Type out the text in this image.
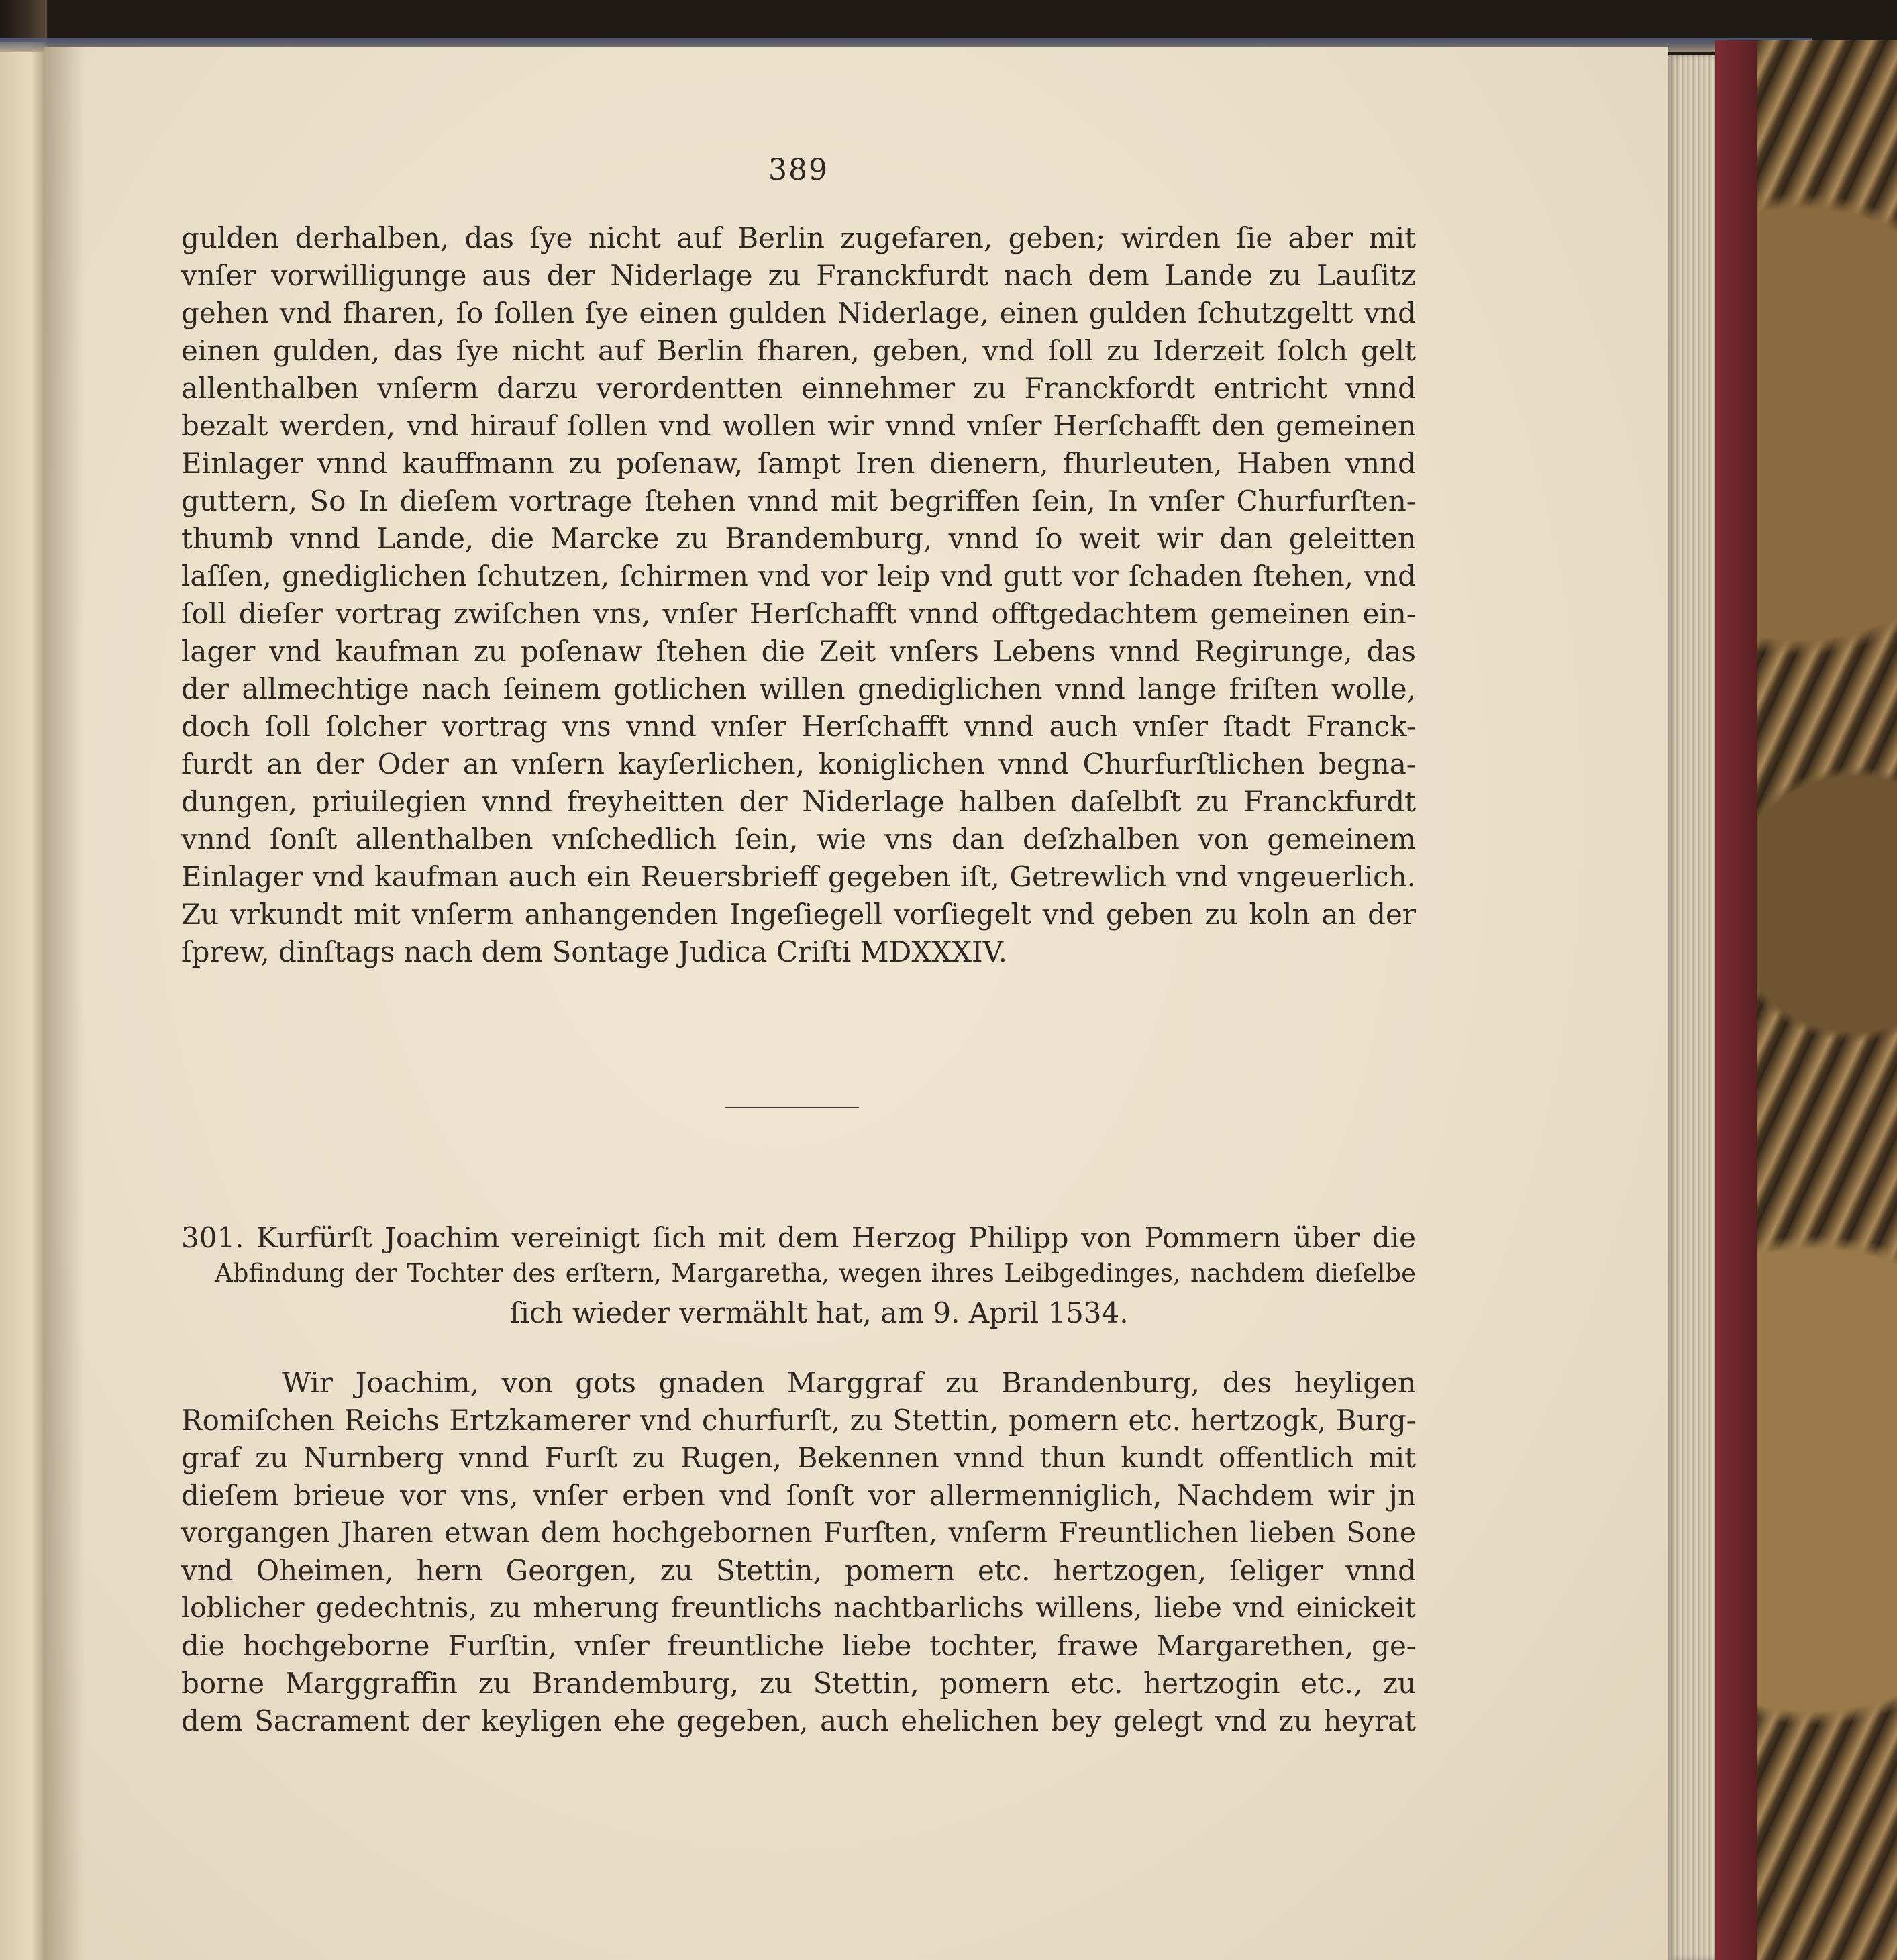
389
gulden derhalben, das ſye nicht auf Berlin zugefaren, geben; wirden ſie aber mit
vnſer vorwilligunge aus der Niderlage zu Franckfurdt nach dem Lande zu Lauſitz
gehen vnd fharen, ſo ſollen ſye einen gulden Niderlage, einen gulden ſchutzgeltt vnd
einen gulden, das ſye nicht auf Berlin fharen, geben, vnd ſoll zu Iderzeit ſolch gelt
allenthalben vnſerm darzu verordentten einnehmer zu Franckfordt entricht vnnd
bezalt werden, vnd hirauf ſollen vnd wollen wir vnnd vnſer Herſchafft den gemeinen
Einlager vnnd kauffmann zu poſenaw, ſampt Iren dienern, fhurleuten, Haben vnnd
guttern, So In dieſem vortrage ſtehen vnnd mit begriffen ſein, In vnſer Churfurſten-
thumb vnnd Lande, die Marcke zu Brandemburg, vnnd ſo weit wir dan geleitten
laſſen, gnediglichen ſchutzen, ſchirmen vnd vor leip vnd gutt vor ſchaden ſtehen, vnd
ſoll dieſer vortrag zwiſchen vns, vnſer Herſchafft vnnd offtgedachtem gemeinen ein-
lager vnd kaufman zu poſenaw ſtehen die Zeit vnſers Lebens vnnd Regirunge, das
der allmechtige nach ſeinem gotlichen willen gnediglichen vnnd lange friſten wolle,
doch ſoll ſolcher vortrag vns vnnd vnſer Herſchafft vnnd auch vnſer ſtadt Franck-
furdt an der Oder an vnſern kayſerlichen, koniglichen vnnd Churfurſtlichen begna-
dungen, priuilegien vnnd freyheitten der Niderlage halben daſelbſt zu Franckfurdt
vnnd ſonſt allenthalben vnſchedlich ſein, wie vns dan deſzhalben von gemeinem
Einlager vnd kaufman auch ein Reuersbrieff gegeben iſt, Getrewlich vnd vngeuerlich.
Zu vrkundt mit vnſerm anhangenden Ingeſiegell vorſiegelt vnd geben zu koln an der
ſprew, dinſtags nach dem Sontage Judica Criſti MDXXXIV.
301. Kurfürſt Joachim vereinigt ſich mit dem Herzog Philipp von Pommern über die
Abfindung der Tochter des erſtern, Margaretha, wegen ihres Leibgedinges, nachdem dieſelbe
ſich wieder vermählt hat, am 9. April 1534.
Wir Joachim, von gots gnaden Marggraf zu Brandenburg, des heyligen
Romiſchen Reichs Ertzkamerer vnd churfurſt, zu Stettin, pomern etc. hertzogk, Burg-
graf zu Nurnberg vnnd Furſt zu Rugen, Bekennen vnnd thun kundt offentlich mit
dieſem brieue vor vns, vnſer erben vnd ſonſt vor allermenniglich, Nachdem wir jn
vorgangen Jharen etwan dem hochgebornen Furſten, vnſerm Freuntlichen lieben Sone
vnd Oheimen, hern Georgen, zu Stettin, pomern etc. hertzogen, ſeliger vnnd
loblicher gedechtnis, zu mherung freuntlichs nachtbarlichs willens, liebe vnd einickeit
die hochgeborne Furſtin, vnſer freuntliche liebe tochter, frawe Margarethen, ge-
borne Marggraffin zu Brandemburg, zu Stettin, pomern etc. hertzogin etc., zu
dem Sacrament der keyligen ehe gegeben, auch ehelichen bey gelegt vnd zu heyrat
